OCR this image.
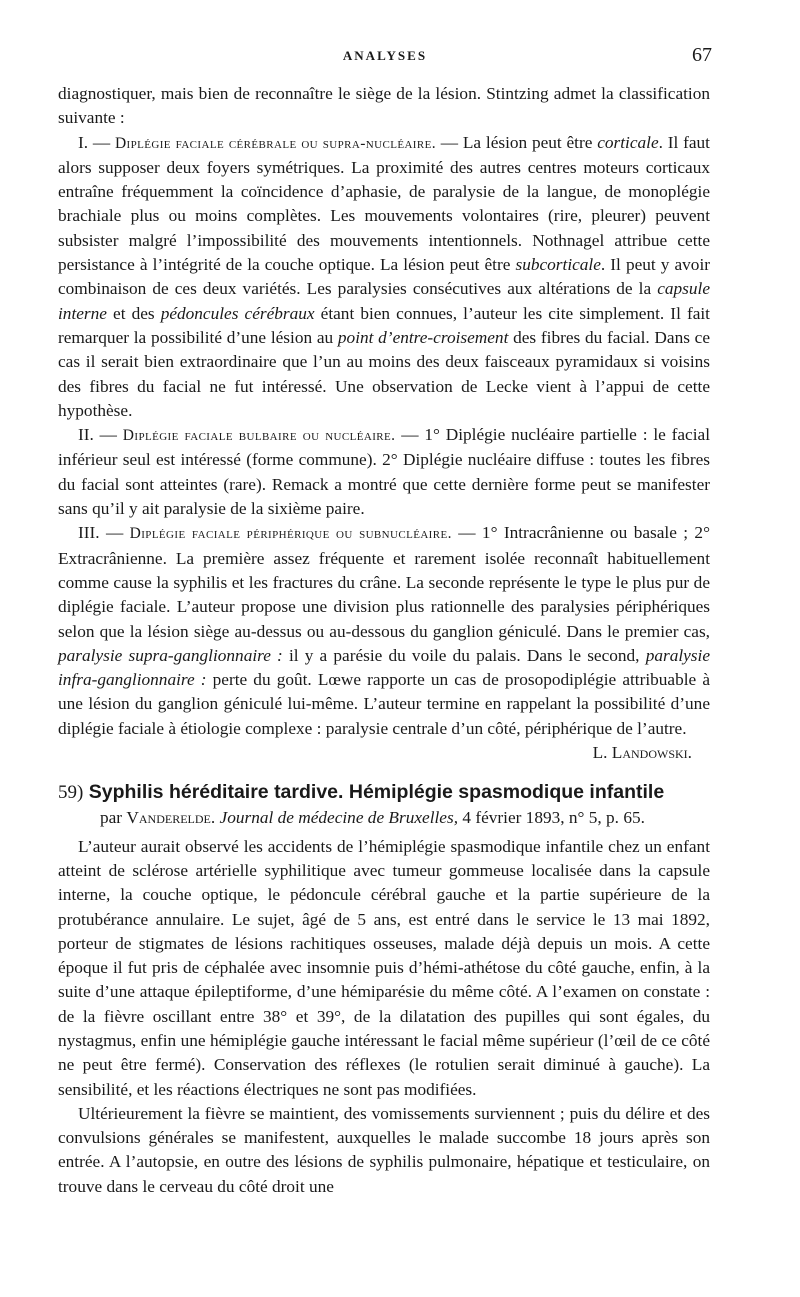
ANALYSES	67

diagnostiquer, mais bien de reconnaître le siège de la lésion. Stintzing admet la classification suivante :

I. — Diplégie faciale cérébrale ou supra-nucléaire. — La lésion peut être corticale. Il faut alors supposer deux foyers symétriques. La proximité des autres centres moteurs corticaux entraîne fréquemment la coïncidence d’aphasie, de paralysie de la langue, de monoplégie brachiale plus ou moins complètes. Les mouvements volontaires (rire, pleurer) peuvent subsister malgré l’impossibilité des mouvements intentionnels. Nothnagel attribue cette persistance à l’intégrité de la couche optique. La lésion peut être subcorticale. Il peut y avoir combinaison de ces deux variétés. Les paralysies consécutives aux altérations de la capsule interne et des pédoncules cérébraux étant bien connues, l’auteur les cite simplement. Il fait remarquer la possibilité d’une lésion au point d’entre-croisement des fibres du facial. Dans ce cas il serait bien extraordinaire que l’un au moins des deux faisceaux pyramidaux si voisins des fibres du facial ne fut intéressé. Une observation de Lecke vient à l’appui de cette hypothèse.

II. — Diplégie faciale bulbaire ou nucléaire. — 1° Diplégie nucléaire partielle : le facial inférieur seul est intéressé (forme commune). 2° Diplégie nucléaire diffuse : toutes les fibres du facial sont atteintes (rare). Remack a montré que cette dernière forme peut se manifester sans qu’il y ait paralysie de la sixième paire.

III. — Diplégie faciale périphérique ou subnucléaire. — 1° Intracrânienne ou basale ; 2° Extracrânienne. La première assez fréquente et rarement isolée reconnaît habituellement comme cause la syphilis et les fractures du crâne. La seconde représente le type le plus pur de diplégie faciale. L’auteur propose une division plus rationnelle des paralysies périphériques selon que la lésion siège au-dessus ou au-dessous du ganglion géniculé. Dans le premier cas, paralysie supra-ganglionnaire : il y a parésie du voile du palais. Dans le second, paralysie infra-ganglionnaire : perte du goût. Lœwe rapporte un cas de prosopodiplégie attribuable à une lésion du ganglion géniculé lui-même. L’auteur termine en rappelant la possibilité d’une diplégie faciale à étiologie complexe : paralysie centrale d’un côté, périphérique de l’autre.
L. Landowski.

59) Syphilis héréditaire tardive. Hémiplégie spasmodique infantile

par Vanderelde. Journal de médecine de Bruxelles, 4 février 1893, n° 5, p. 65.

L’auteur aurait observé les accidents de l’hémiplégie spasmodique infantile chez un enfant atteint de sclérose artérielle syphilitique avec tumeur gommeuse localisée dans la capsule interne, la couche optique, le pédoncule cérébral gauche et la partie supérieure de la protubérance annulaire. Le sujet, âgé de 5 ans, est entré dans le service le 13 mai 1892, porteur de stigmates de lésions rachitiques osseuses, malade déjà depuis un mois. A cette époque il fut pris de céphalée avec insomnie puis d’hémi-athétose du côté gauche, enfin, à la suite d’une attaque épileptiforme, d’une hémiparésie du même côté. A l’examen on constate : de la fièvre oscillant entre 38° et 39°, de la dilatation des pupilles qui sont égales, du nystagmus, enfin une hémiplégie gauche intéressant le facial même supérieur (l’œil de ce côté ne peut être fermé). Conservation des réflexes (le rotulien serait diminué à gauche). La sensibilité, et les réactions électriques ne sont pas modifiées.

Ultérieurement la fièvre se maintient, des vomissements surviennent ; puis du délire et des convulsions générales se manifestent, auxquelles le malade succombe 18 jours après son entrée. A l’autopsie, en outre des lésions de syphilis pulmonaire, hépatique et testiculaire, on trouve dans le cerveau du côté droit une
